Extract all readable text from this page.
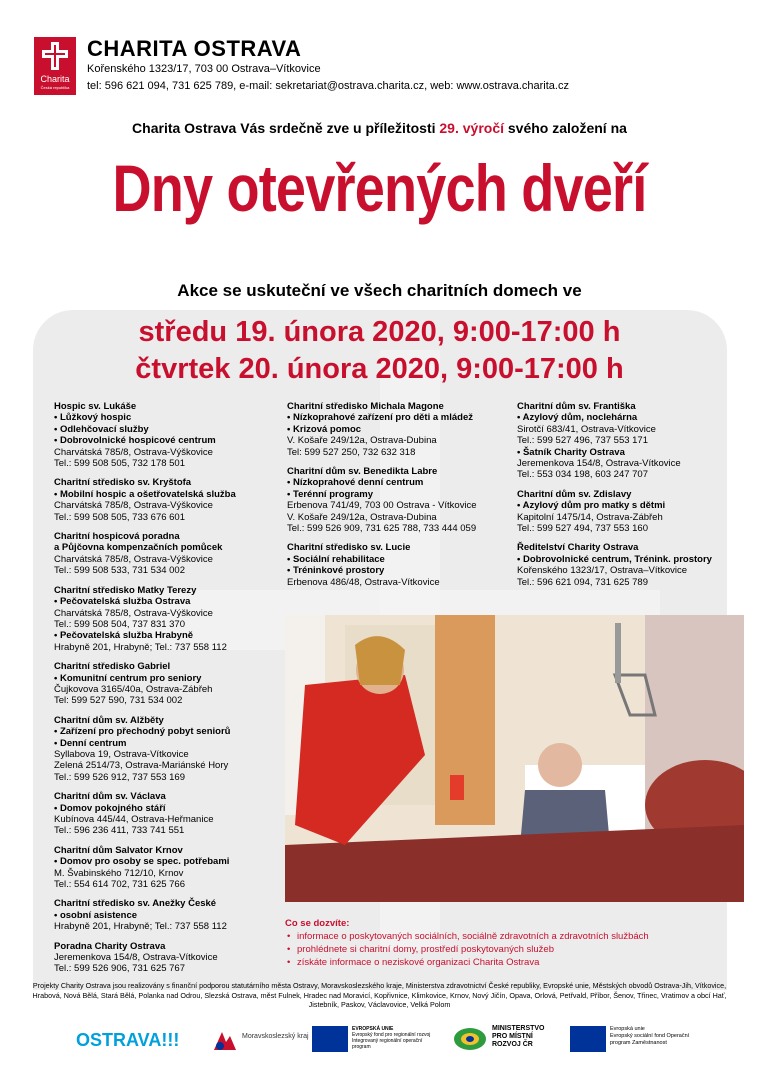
Charita
Česká republika
CHARITA OSTRAVA
Kořenského 1323/17, 703 00 Ostrava–Vítkovice
tel: 596 621 094, 731 625 789, e-mail: sekretariat@ostrava.charita.cz, web: www.ostrava.charita.cz
Charita Ostrava Vás srdečně zve u příležitosti 29. výročí svého založení na
Dny otevřených dveří
Akce se uskuteční ve všech charitních domech ve
středu 19. února 2020, 9:00-17:00 h
čtvrtek 20. února 2020, 9:00-17:00 h
Hospic sv. Lukáše
• Lůžkový hospic
• Odlehčovací služby
• Dobrovolnické hospicové centrum
Charvátská 785/8, Ostrava-Výškovice
Tel.: 599 508 505, 732 178 501
Charitní středisko sv. Kryštofa
• Mobilní hospic a ošetřovatelská služba
Charvátská 785/8, Ostrava-Výškovice
Tel.: 599 508 505, 733 676 601
Charitní hospicová poradna
a Půjčovna kompenzačních pomůcek
Charvátská 785/8, Ostrava-Výškovice
Tel.: 599 508 533, 731 534 002
Charitní středisko Matky Terezy
• Pečovatelská služba Ostrava
Charvátská 785/8, Ostrava-Výškovice
Tel.: 599 508 504, 737 831 370
• Pečovatelská služba Hrabyně
Hrabyně 201, Hrabyně; Tel.: 737 558 112
Charitní středisko Gabriel
• Komunitní centrum pro seniory
Čujkovova 3165/40a, Ostrava-Zábřeh
Tel: 599 527 590, 731 534 002
Charitní dům sv. Alžběty
• Zařízení pro přechodný pobyt seniorů
• Denní centrum
Syllabova 19, Ostrava-Vítkovice
Zelená 2514/73, Ostrava-Mariánské Hory
Tel.: 599 526 912, 737 553 169
Charitní dům sv. Václava
• Domov pokojného stáří
Kubínova 445/44, Ostrava-Heřmanice
Tel.: 596 236 411, 733 741 551
Charitní dům Salvator Krnov
• Domov pro osoby se spec. potřebami
M. Švabinského 712/10, Krnov
Tel.: 554 614 702, 731 625 766
Charitní středisko sv. Anežky České
• osobní asistence
Hrabyně 201, Hrabyně; Tel.: 737 558 112
Poradna Charity Ostrava
Jeremenkova 154/8, Ostrava-Vítkovice
Tel.: 599 526 906, 731 625 767
Charitní středisko Michala Magone
• Nízkoprahové zařízení pro děti a mládež
• Krizová pomoc
V. Košaře 249/12a, Ostrava-Dubina
Tel: 599 527 250, 732 632 318
Charitní dům sv. Benedikta Labre
• Nízkoprahové denní centrum
• Terénní programy
Erbenova 741/49, 703 00 Ostrava - Vítkovice
V. Košaře 249/12a, Ostrava-Dubina
Tel.: 599 526 909, 731 625 788, 733 444 059
Charitní středisko sv. Lucie
• Sociální rehabilitace
• Tréninkové prostory
Erbenova 486/48, Ostrava-Vítkovice
Charitní dům sv. Františka
• Azylový dům, noclehárna
Sirotčí 683/41, Ostrava-Vítkovice
Tel.: 599 527 496, 737 553 171
• Šatník Charity Ostrava
Jeremenkova 154/8, Ostrava-Vítkovice
Tel.: 553 034 198, 603 247 707
Charitní dům sv. Zdislavy
• Azylový dům pro matky s dětmi
Kapitolní 1475/14, Ostrava-Zábřeh
Tel.: 599 527 494, 737 553 160
Ředitelství Charity Ostrava
• Dobrovolnické centrum, Trénink. prostory
Kořenského 1323/17, Ostrava–Vítkovice
Tel.: 596 621 094, 731 625 789
Co se dozvíte:
• informace o poskytovaných sociálních, sociálně zdravotních a zdravotních službách
• prohlédnete si charitní domy, prostředí poskytovaných služeb
• získáte informace o neziskové organizaci Charita Ostrava
Projekty Charity Ostrava jsou realizovány s finanční podporou statutárního města Ostravy, Moravskoslezského kraje, Ministerstva zdravotnictví České republiky, Evropské unie, Městských obvodů Ostrava-Jih, Vítkovice, Hrabová, Nová Bělá, Stará Bělá, Polanka nad Odrou, Slezská Ostrava, měst Fulnek, Hradec nad Moravicí, Kopřivnice, Klimkovice, Krnov, Nový Jičín, Opava, Orlová, Petřvald, Příbor, Šenov, Třinec, Vratimov a obcí Hať, Jistebník, Paskov, Václavovice, Velká Polom
OSTRAVA!!!	Moravskoslezský kraj
EVROPSKÁ UNIE
Evropský fond pro regionální rozvoj Integrovaný regionální operační program
MINISTERSTVO PRO MÍSTNÍ ROZVOJ ČR
Evropská unie
Evropský sociální fond Operační program Zaměstnanost
